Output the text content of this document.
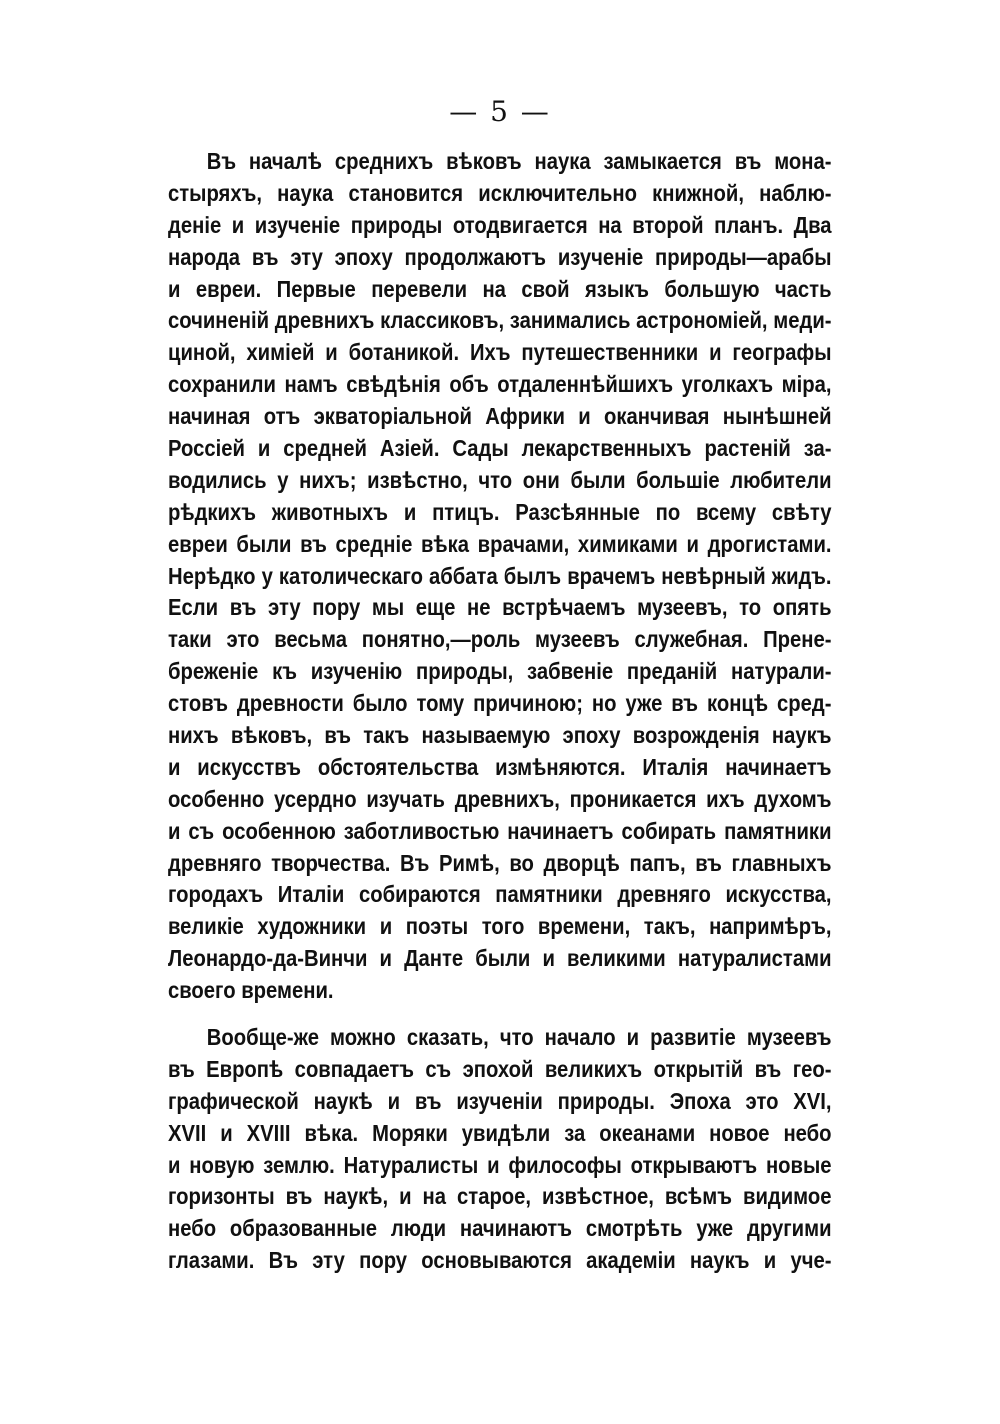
— 5 —
Въ началѣ среднихъ вѣковъ наука замыкается въ мона-
стыряхъ, наука становится исключительно книжной, наблю-
деніе и изученіе природы отодвигается на второй планъ. Два
народа въ эту эпоху продолжаютъ изученіе природы—арабы
и евреи. Первые перевели на свой языкъ большую часть
сочиненій древнихъ классиковъ, занимались астрономіей, меди-
циной, химіей и ботаникой. Ихъ путешественники и географы
сохранили намъ свѣдѣнія объ отдаленнѣйшихъ уголкахъ міра,
начиная отъ экваторіальной Африки и оканчивая нынѣшней
Россіей и средней Азіей. Сады лекарственныхъ растеній за-
водились у нихъ; извѣстно, что они были большіе любители
рѣдкихъ животныхъ и птицъ. Разсѣянные по всему свѣту
евреи были въ средніе вѣка врачами, химиками и дрогистами.
Нерѣдко у католическаго аббата былъ врачемъ невѣрный жидъ.
Если въ эту пору мы еще не встрѣчаемъ музеевъ, то опять
таки это весьма понятно,—роль музеевъ служебная. Прене-
бреженіе къ изученію природы, забвеніе преданій натурали-
стовъ древности было тому причиною; но уже въ концѣ сред-
нихъ вѣковъ, въ такъ называемую эпоху возрожденія наукъ
и искусствъ обстоятельства измѣняются. Италія начинаетъ
особенно усердно изучать древнихъ, проникается ихъ духомъ
и съ особенною заботливостью начинаетъ собирать памятники
древняго творчества. Въ Римѣ, во дворцѣ папъ, въ главныхъ
городахъ Италіи собираются памятники древняго искусства,
великіе художники и поэты того времени, такъ, напримѣръ,
Леонардо-да-Винчи и Данте были и великими натуралистами
своего времени.
Вообще-же можно сказать, что начало и развитіе музеевъ
въ Европѣ совпадаетъ съ эпохой великихъ открытій въ гео-
графической наукѣ и въ изученіи природы. Эпоха это XVI,
XVII и XVIII вѣка. Моряки увидѣли за океанами новое небо
и новую землю. Натуралисты и философы открываютъ новые
горизонты въ наукѣ, и на старое, извѣстное, всѣмъ видимое
небо образованные люди начинаютъ смотрѣть уже другими
глазами. Въ эту пору основываются академіи наукъ и уче-
